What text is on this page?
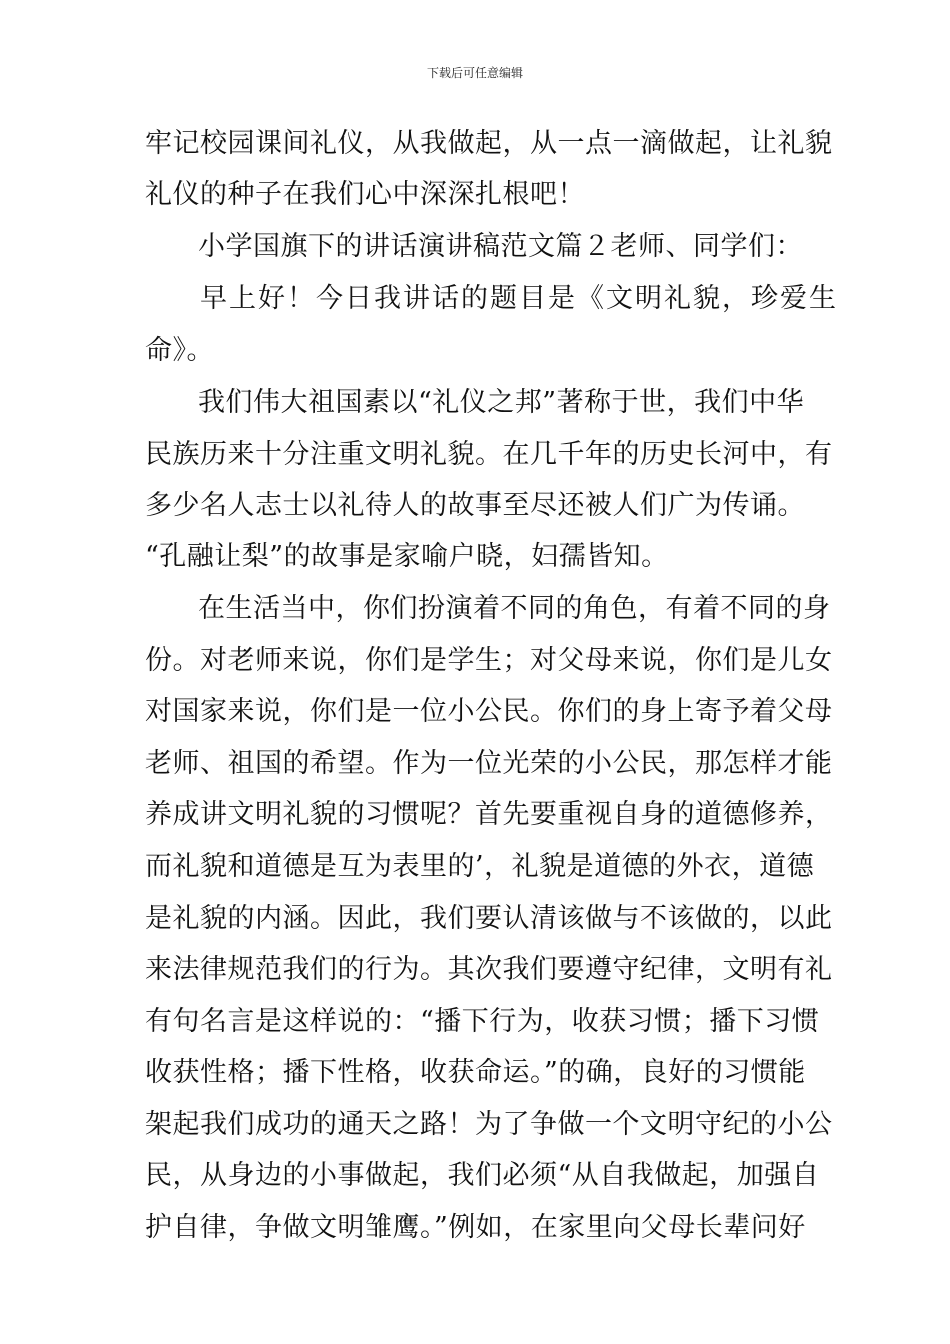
下载后可任意编辑
牢记校园课间礼仪，从我做起，从一点一滴做起，让礼貌
礼仪的种子在我们心中深深扎根吧！
小学国旗下的讲话演讲稿范文篇２老师、同学们：
早上好！今日我讲话的题目是《文明礼貌，珍爱生
命》。
我们伟大祖国素以“礼仪之邦”著称于世，我们中华
民族历来十分注重文明礼貌。在几千年的历史长河中，有
多少名人志士以礼待人的故事至尽还被人们广为传诵。
“孔融让梨”的故事是家喻户晓，妇孺皆知。
在生活当中，你们扮演着不同的角色，有着不同的身
份。对老师来说，你们是学生；对父母来说，你们是儿女
对国家来说，你们是一位小公民。你们的身上寄予着父母
老师、祖国的希望。作为一位光荣的小公民，那怎样才能
养成讲文明礼貌的习惯呢？首先要重视自身的道德修养，
而礼貌和道德是互为表里的’，礼貌是道德的外衣，道德
是礼貌的内涵。因此，我们要认清该做与不该做的，以此
来法律规范我们的行为。其次我们要遵守纪律，文明有礼
有句名言是这样说的：“播下行为，收获习惯；播下习惯
收获性格；播下性格，收获命运。”的确，良好的习惯能
架起我们成功的通天之路！为了争做一个文明守纪的小公
民，从身边的小事做起，我们必须“从自我做起，加强自
护自律，争做文明雏鹰。”例如，在家里向父母长辈问好
